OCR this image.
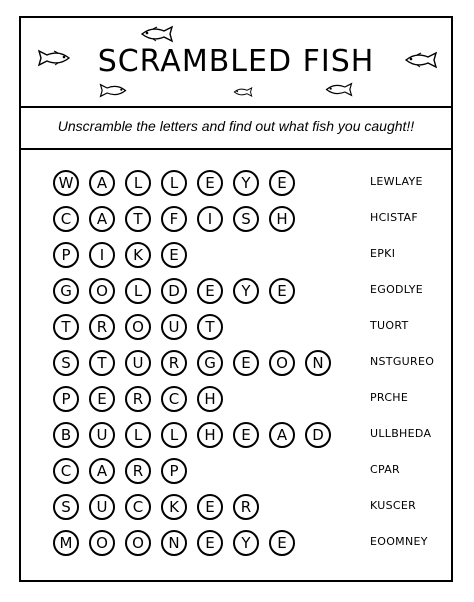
SCRAMBLED FISH
Unscramble the letters and find out what fish you caught!!
W	A	L	L	E	Y	E	LEWLAYE
C	A	T	F	I	S	H	HCISTAF
P	I	K	E	EPKI
G	O	L	D	E	Y	E	EGODLYE
T	R	O	U	T	TUORT
S	T	U	R	G	E	O	N	NSTGUREO
P	E	R	C	H	PRCHE
B	U	L	L	H	E	A	D	ULLBHEDA
C	A	R	P	CPAR
S	U	C	K	E	R	KUSCER
M	O	O	N	E	Y	E	EOOMNEY
